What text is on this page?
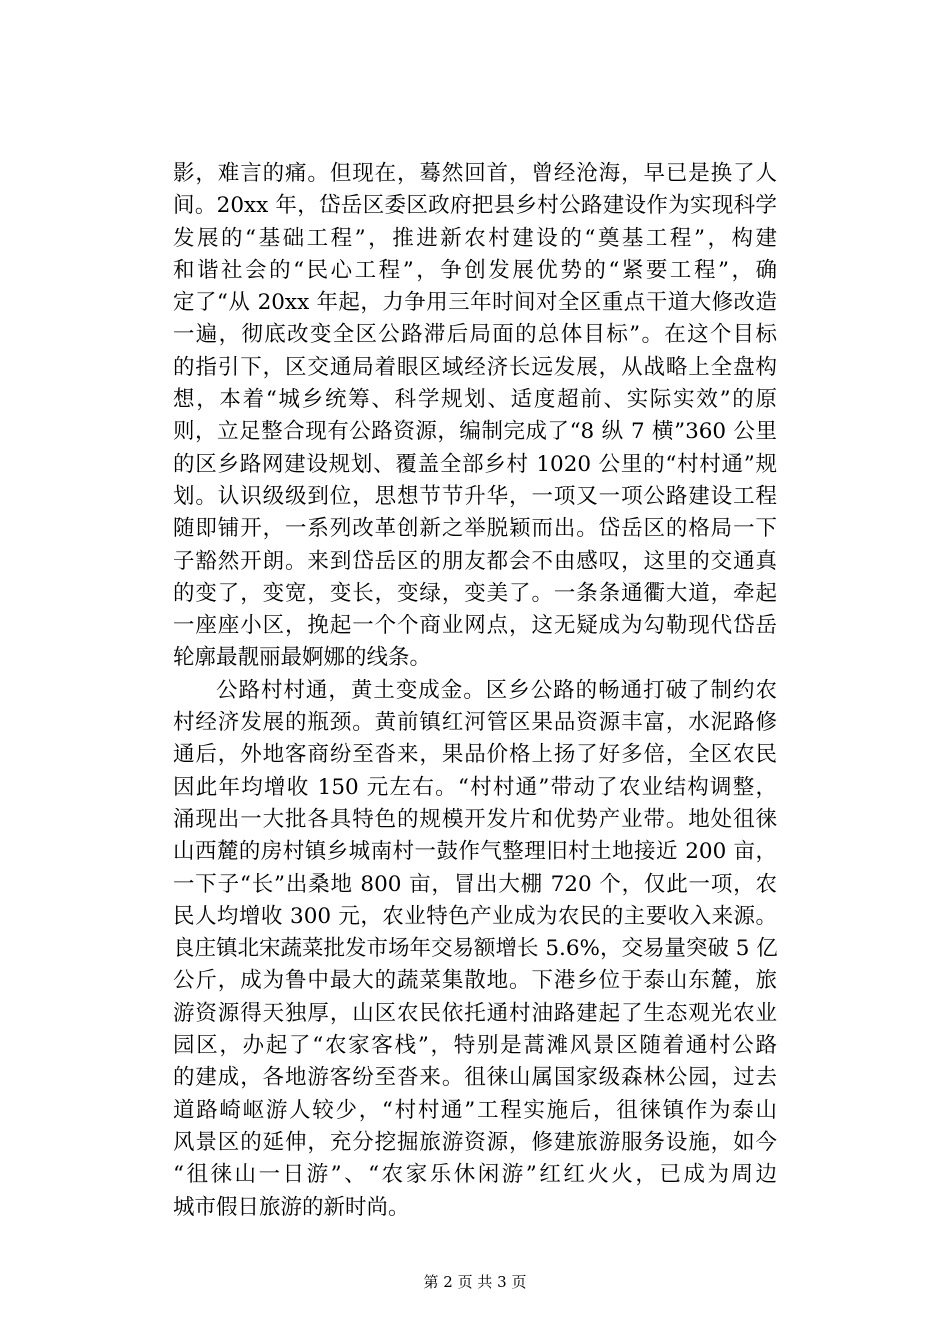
影，难言的痛。但现在，蓦然回首，曾经沧海，早已是换了人
间。20xx 年，岱岳区委区政府把县乡村公路建设作为实现科学
发展的“基础工程”，推进新农村建设的“奠基工程”，构建
和谐社会的“民心工程”，争创发展优势的“紧要工程”，确
定了“从 20xx 年起，力争用三年时间对全区重点干道大修改造
一遍，彻底改变全区公路滞后局面的总体目标”。在这个目标
的指引下，区交通局着眼区域经济长远发展，从战略上全盘构
想，本着“城乡统筹、科学规划、适度超前、实际实效”的原
则，立足整合现有公路资源，编制完成了“8 纵 7 横”360 公里
的区乡路网建设规划、覆盖全部乡村 1020 公里的“村村通”规
划。认识级级到位，思想节节升华，一项又一项公路建设工程
随即铺开，一系列改革创新之举脱颖而出。岱岳区的格局一下
子豁然开朗。来到岱岳区的朋友都会不由感叹，这里的交通真
的变了，变宽，变长，变绿，变美了。一条条通衢大道，牵起
一座座小区，挽起一个个商业网点，这无疑成为勾勒现代岱岳
轮廓最靓丽最婀娜的线条。
公路村村通，黄土变成金。区乡公路的畅通打破了制约农
村经济发展的瓶颈。黄前镇红河管区果品资源丰富，水泥路修
通后，外地客商纷至沓来，果品价格上扬了好多倍，全区农民
因此年均增收 150 元左右。“村村通”带动了农业结构调整，
涌现出一大批各具特色的规模开发片和优势产业带。地处徂徕
山西麓的房村镇乡城南村一鼓作气整理旧村土地接近 200 亩，
一下子“长”出桑地 800 亩，冒出大棚 720 个，仅此一项，农
民人均增收 300 元，农业特色产业成为农民的主要收入来源。
良庄镇北宋蔬菜批发市场年交易额增长 5.6%，交易量突破 5 亿
公斤，成为鲁中最大的蔬菜集散地。下港乡位于泰山东麓，旅
游资源得天独厚，山区农民依托通村油路建起了生态观光农业
园区，办起了“农家客栈”，特别是蒿滩风景区随着通村公路
的建成，各地游客纷至沓来。徂徕山属国家级森林公园，过去
道路崎岖游人较少，“村村通”工程实施后，徂徕镇作为泰山
风景区的延伸，充分挖掘旅游资源，修建旅游服务设施，如今
“徂徕山一日游”、“农家乐休闲游”红红火火，已成为周边
城市假日旅游的新时尚。
第 2 页 共 3 页
